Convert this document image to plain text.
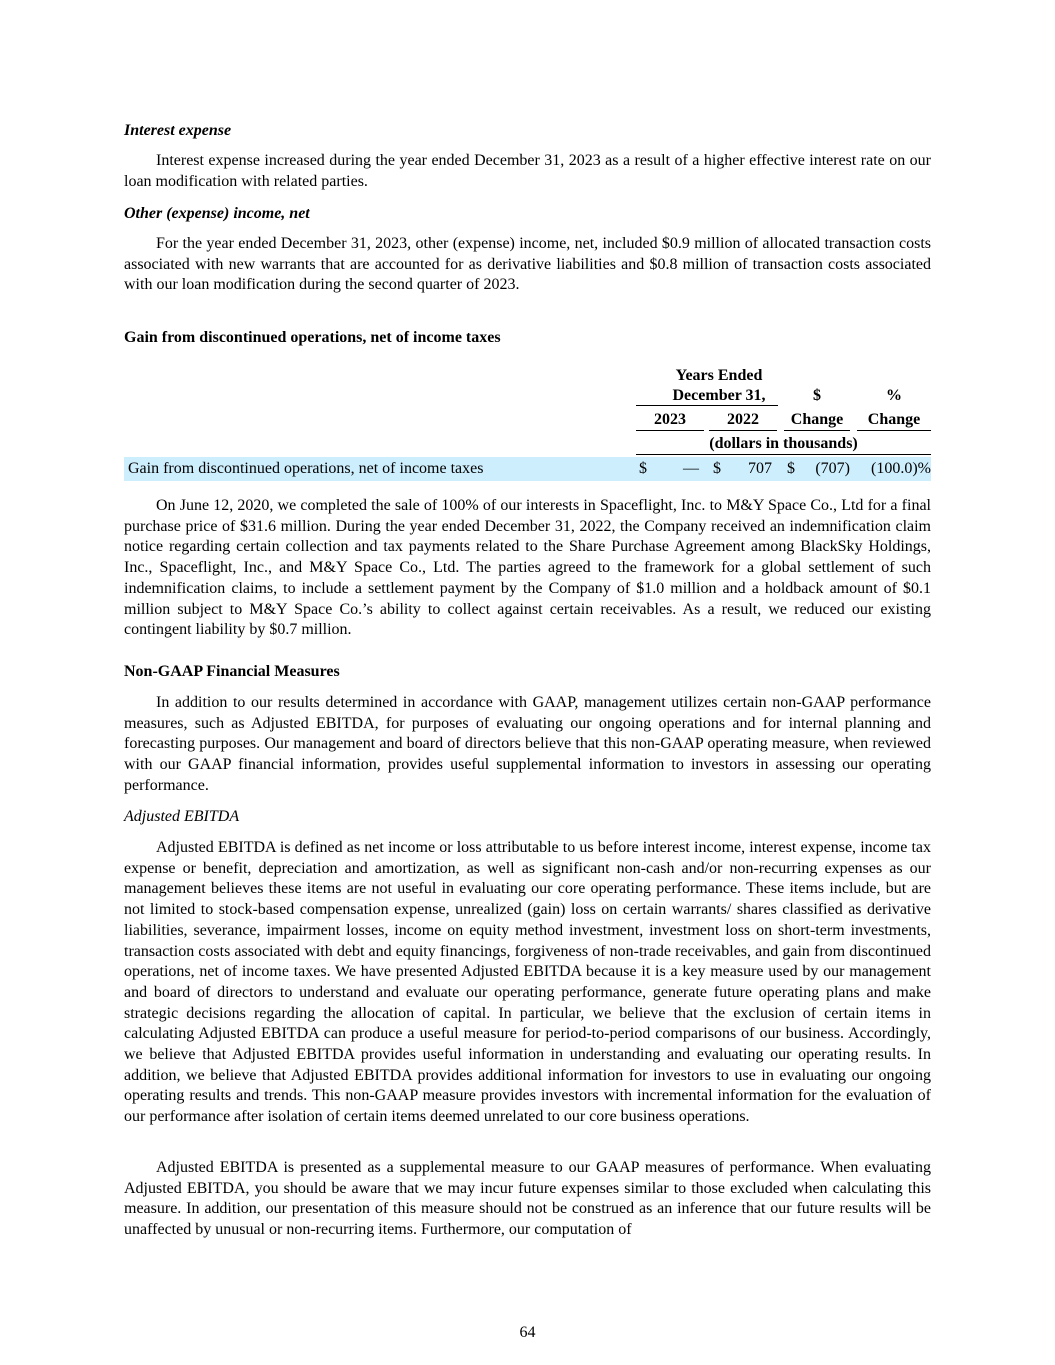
Interest expense

Interest expense increased during the year ended December 31, 2023 as a result of a higher effective interest rate on our loan modification with related parties.

Other (expense) income, net

For the year ended December 31, 2023, other (expense) income, net, included $0.9 million of allocated transaction costs associated with new warrants that are accounted for as derivative liabilities and $0.8 million of transaction costs associated with our loan modification during the second quarter of 2023.

Gain from discontinued operations, net of income taxes

Years Ended
December 31,	$	%
2023	2022	Change	Change
(dollars in thousands)
Gain from discontinued operations, net of income taxes	$	— $	707 $	(707)	(100.0)%

On June 12, 2020, we completed the sale of 100% of our interests in Spaceflight, Inc. to M&Y Space Co., Ltd for a final purchase price of $31.6 million. During the year ended December 31, 2022, the Company received an indemnification claim notice regarding certain collection and tax payments related to the Share Purchase Agreement among BlackSky Holdings, Inc., Spaceflight, Inc., and M&Y Space Co., Ltd. The parties agreed to the framework for a global settlement of such indemnification claims, to include a settlement payment by the Company of $1.0 million and a holdback amount of $0.1 million subject to M&Y Space Co.’s ability to collect against certain receivables. As a result, we reduced our existing contingent liability by $0.7 million.

Non-GAAP Financial Measures

In addition to our results determined in accordance with GAAP, management utilizes certain non-GAAP performance measures, such as Adjusted EBITDA, for purposes of evaluating our ongoing operations and for internal planning and forecasting purposes. Our management and board of directors believe that this non-GAAP operating measure, when reviewed with our GAAP financial information, provides useful supplemental information to investors in assessing our operating performance.

Adjusted EBITDA

Adjusted EBITDA is defined as net income or loss attributable to us before interest income, interest expense, income tax expense or benefit, depreciation and amortization, as well as significant non-cash and/or non-recurring expenses as our management believes these items are not useful in evaluating our core operating performance. These items include, but are not limited to stock-based compensation expense, unrealized (gain) loss on certain warrants/ shares classified as derivative liabilities, severance, impairment losses, income on equity method investment, investment loss on short-term investments, transaction costs associated with debt and equity financings, forgiveness of non-trade receivables, and gain from discontinued operations, net of income taxes. We have presented Adjusted EBITDA because it is a key measure used by our management and board of directors to understand and evaluate our operating performance, generate future operating plans and make strategic decisions regarding the allocation of capital. In particular, we believe that the exclusion of certain items in calculating Adjusted EBITDA can produce a useful measure for period-to-period comparisons of our business. Accordingly, we believe that Adjusted EBITDA provides useful information in understanding and evaluating our operating results. In addition, we believe that Adjusted EBITDA provides additional information for investors to use in evaluating our ongoing operating results and trends. This non-GAAP measure provides investors with incremental information for the evaluation of our performance after isolation of certain items deemed unrelated to our core business operations.

Adjusted EBITDA is presented as a supplemental measure to our GAAP measures of performance. When evaluating Adjusted EBITDA, you should be aware that we may incur future expenses similar to those excluded when calculating this measure. In addition, our presentation of this measure should not be construed as an inference that our future results will be unaffected by unusual or non-recurring items. Furthermore, our computation of

64
